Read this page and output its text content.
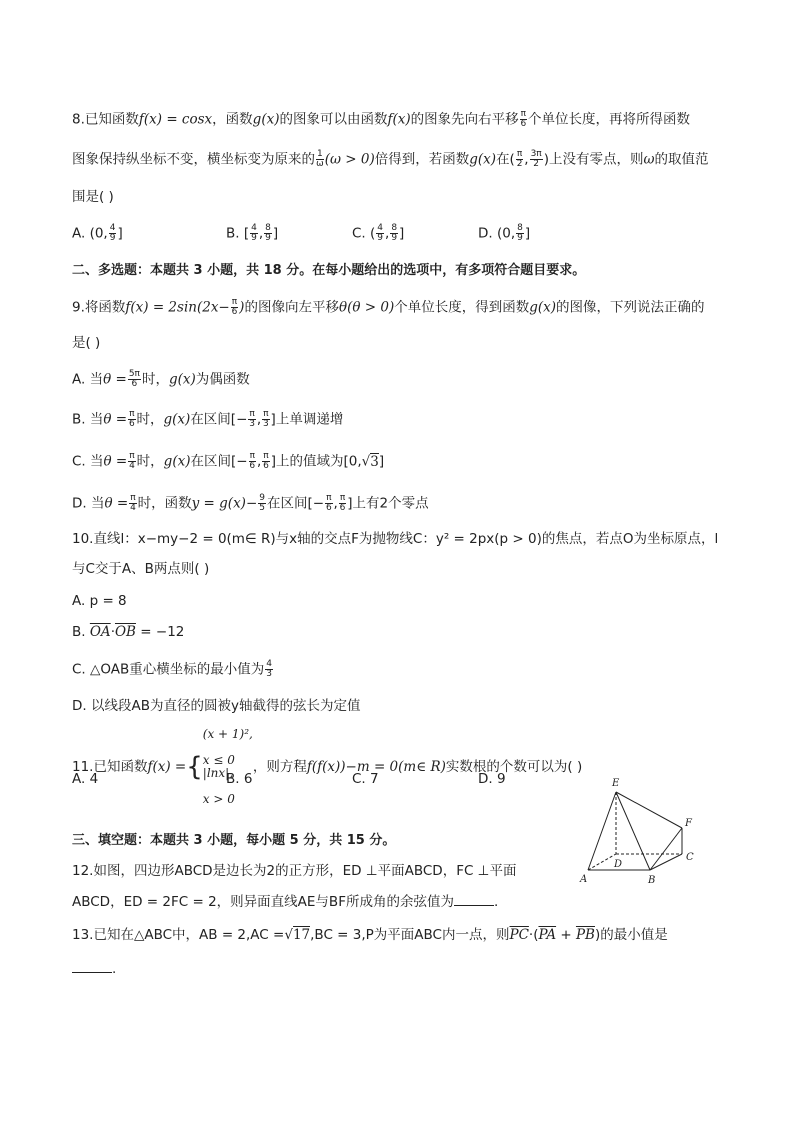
8.已知函数f(x) = cosx，函数g(x)的图象可以由函数f(x)的图象先向右平移 $\frac{\pi}{6}$ 个单位长度，再将所得函数
图象保持纵坐标不变，横坐标变为原来的 $\frac{1}{\omega} (\omega > 0)$倍得到，若函数g(x)在( $\frac{\pi}{2}$ , $\frac{3\pi}{2}$ )上没有零点，则ω的取值范
围是( )
A. (0, $\frac{4}{9}$ ]	B. [ $\frac{4}{9}$ , $\frac{8}{9}$ ]	C. ( $\frac{4}{9}$ , $\frac{8}{9}$ ]	D. (0, $\frac{8}{9}$ ]
二、多选题：本题共 3 小题，共 18 分。在每小题给出的选项中，有多项符合题目要求。
9.将函数$f(x) = 2\sin(2x- \frac{\pi}{6}$ )的图像向左平移θ(θ > 0)个单位长度，得到函数g(x)的图像，下列说法正确的
是( )
A. 当$\theta = \frac{5\pi}{6}$ 时，g(x)为偶函数
B. 当$\theta = \frac{\pi}{6}$ 时，g(x)在区间[− $\frac{\pi}{3}$ , $\frac{\pi}{3}$ ]上单调递增
C. 当$\theta = \frac{\pi}{4}$ 时，g(x)在区间[− $\frac{\pi}{6}$ , $\frac{\pi}{6}$ ]上的值域为[0,√3]
D. 当$\theta = \frac{\pi}{4}$ 时，函数$y = g(x)- \frac{9}{5}$ 在区间[− $\frac{\pi}{6}$ , $\frac{\pi}{6}$ ]上有2个零点
10.直线l：x−my−2 = 0(m∈ R)与x轴的交点F为抛物线C：y² = 2px(p > 0)的焦点，若点O为坐标原点，l
与C交于A、B两点则( )
A. p = 8
B. $\overline{OA}\cdot\overline{OB} = -12$
C. △OAB重心横坐标的最小值为 $\frac{4}{3}$
D. 以线段AB为直径的圆被y轴截得的弦长为定值
11.已知函数f(x) ={
(x + 1)²,

x ≤ 0
|lnx|,

x > 0
，则方程f(f(x))−m = 0(m∈ R)实数根的个数可以为( )
A. 4	B. 6	C. 7	D. 9
三、填空题：本题共 3 小题，每小题 5 分，共 15 分。
12.如图，四边形ABCD是边长为2的正方形，ED ⊥平面ABCD，FC ⊥平面
ABCD，ED = 2FC = 2，则异面直线AE与BF所成角的余弦值为	.
13.已知在△ABC中，AB = 2,AC =√17,BC = 3,P为平面ABC内一点，则$\overline{PC}\cdot(\overline{PA} + \overline{PB})$的最小值是
.
E
F
C
D
A	B
